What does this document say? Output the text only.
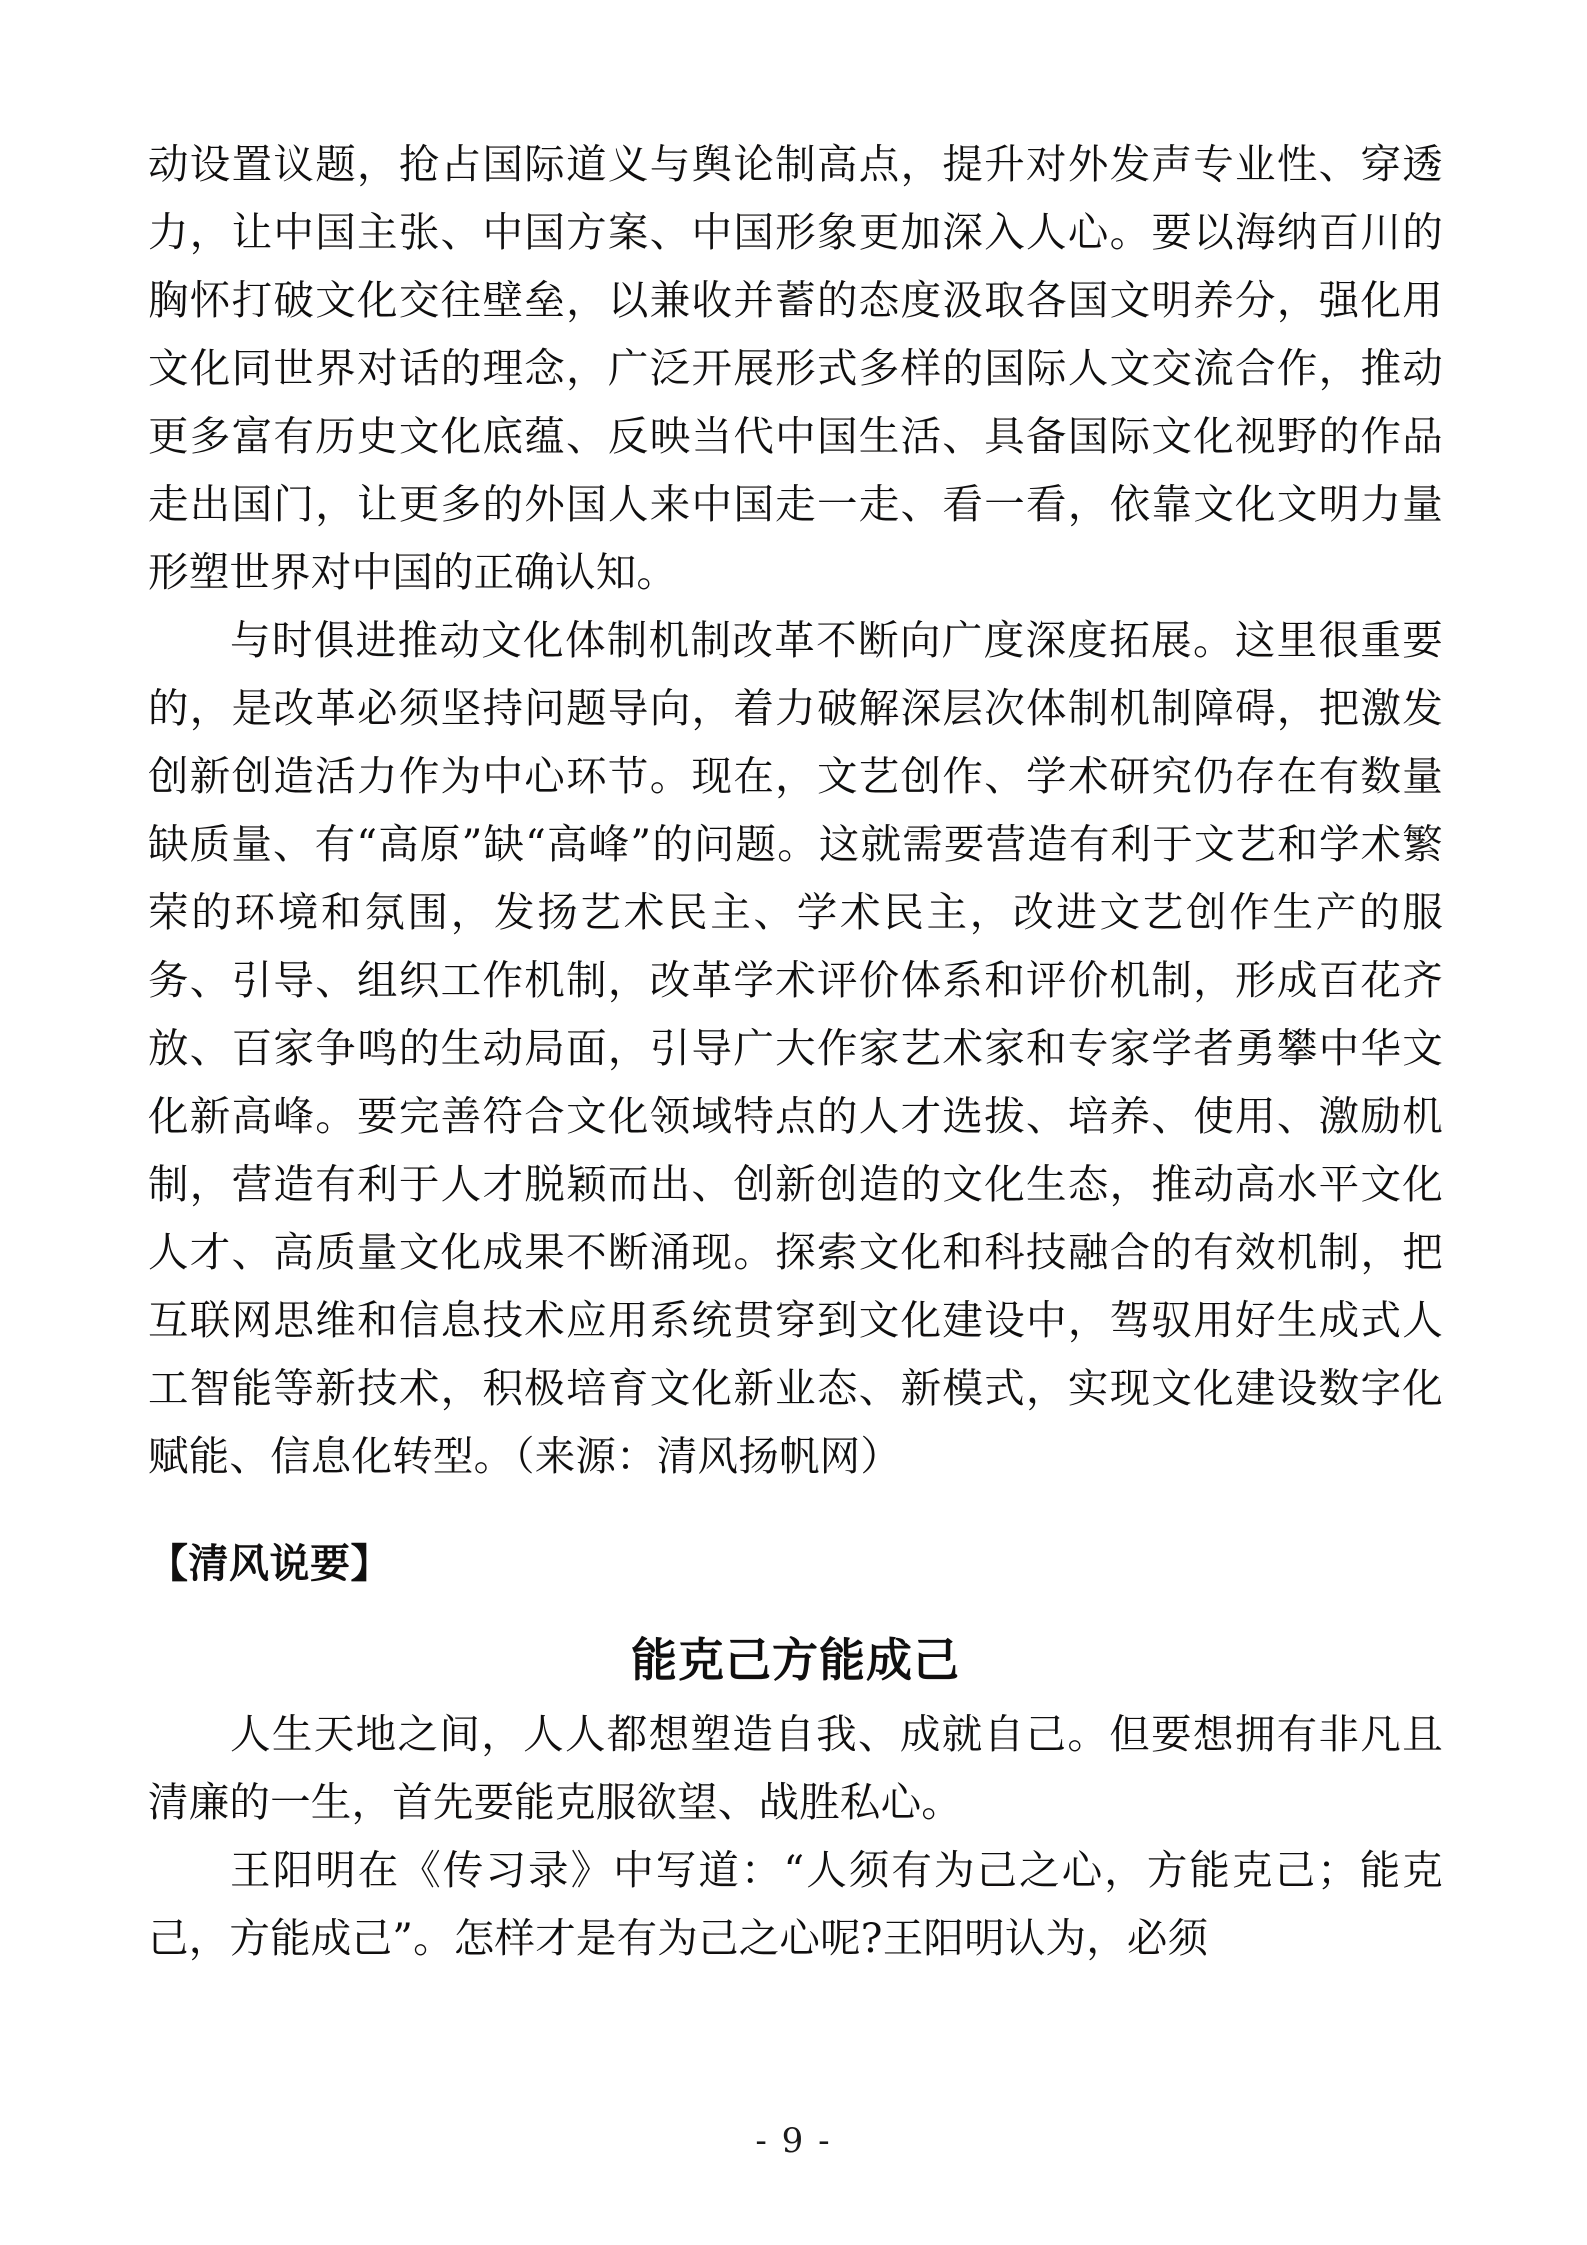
动设置议题，抢占国际道义与舆论制高点，提升对外发声专业性、穿透力，让中国主张、中国方案、中国形象更加深入人心。要以海纳百川的胸怀打破文化交往壁垒，以兼收并蓄的态度汲取各国文明养分，强化用文化同世界对话的理念，广泛开展形式多样的国际人文交流合作，推动更多富有历史文化底蕴、反映当代中国生活、具备国际文化视野的作品走出国门，让更多的外国人来中国走一走、看一看，依靠文化文明力量形塑世界对中国的正确认知。

与时俱进推动文化体制机制改革不断向广度深度拓展。这里很重要的，是改革必须坚持问题导向，着力破解深层次体制机制障碍，把激发创新创造活力作为中心环节。现在，文艺创作、学术研究仍存在有数量缺质量、有“高原”缺“高峰”的问题。这就需要营造有利于文艺和学术繁荣的环境和氛围，发扬艺术民主、学术民主，改进文艺创作生产的服务、引导、组织工作机制，改革学术评价体系和评价机制，形成百花齐放、百家争鸣的生动局面，引导广大作家艺术家和专家学者勇攀中华文化新高峰。要完善符合文化领域特点的人才选拔、培养、使用、激励机制，营造有利于人才脱颖而出、创新创造的文化生态，推动高水平文化人才、高质量文化成果不断涌现。探索文化和科技融合的有效机制，把互联网思维和信息技术应用系统贯穿到文化建设中，驾驭用好生成式人工智能等新技术，积极培育文化新业态、新模式，实现文化建设数字化赋能、信息化转型。（来源：清风扬帆网）

【清风说要】

能克己方能成己

人生天地之间，人人都想塑造自我、成就自己。但要想拥有非凡且清廉的一生，首先要能克服欲望、战胜私心。

王阳明在《传习录》中写道：“人须有为己之心，方能克己；能克己，方能成己”。怎样才是有为己之心呢?王阳明认为，必须

- 9 -
